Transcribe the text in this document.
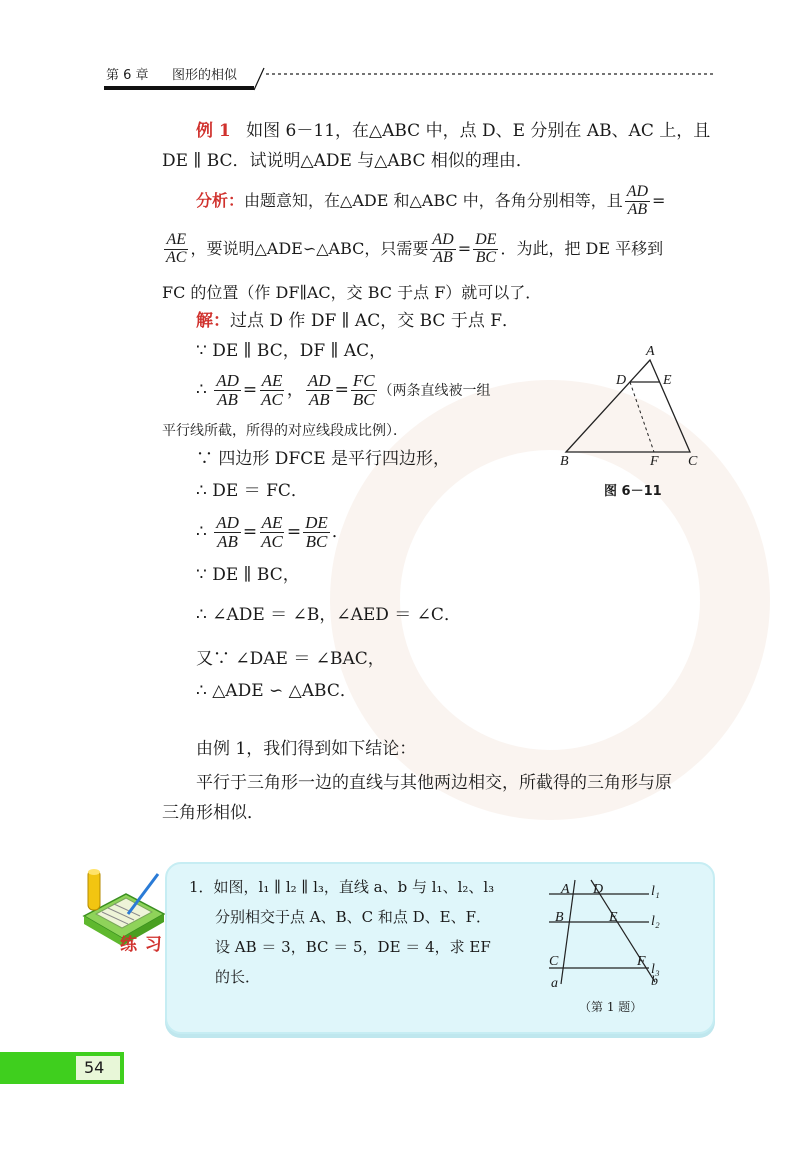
第 6 章 图形的相似
例 1 如图 6－11，在△ABC 中，点 D、E 分别在 AB、AC 上，且
DE ∥ BC．试说明△ADE 与△ABC 相似的理由．
分析：由题意知，在△ADE 和△ABC 中，各角分别相等，且 $\frac{AD}{AB}$ =
$\frac{AE}{AC}$ ，要说明△ADE∽△ABC，只需要 $\frac{AD}{AB} = \frac{DE}{BC}$ ．为此，把 DE 平移到
FC 的位置（作 DF∥AC，交 BC 于点 F）就可以了．
解：过点 D 作 DF ∥ AC，交 BC 于点 F．
∵ DE ∥ BC，DF ∥ AC，
∴ $\frac{AD}{AB} = \frac{AE}{AC}$ ， $\frac{AD}{AB} = \frac{FC}{BC}$ （两条直线被一组
平行线所截，所得的对应线段成比例）．
∵ 四边形 DFCE 是平行四边形，
∴ DE ＝ FC．
∴ $\frac{AD}{AB} = \frac{AE}{AC} = \frac{DE}{BC}$ ．
∵ DE ∥ BC，
∴ ∠ADE ＝ ∠B，∠AED ＝ ∠C．
又∵ ∠DAE ＝ ∠BAC，
∴ △ADE ∽ △ABC．
A
D	E
B	F C
图 6－11
由例 1，我们得到如下结论：
平行于三角形一边的直线与其他两边相交，所截得的三角形与原
三角形相似．
练 习
1．如图，l₁ ∥ l₂ ∥ l₃，直线 a、b 与 l₁、l₂、l₃
分别相交于点 A、B、C 和点 D、E、F．
设 AB ＝ 3，BC ＝ 5，DE ＝ 4，求 EF
的长．
A D	l₁
B	E l₂
C	F
l₃
a	b
（第 1 题）
54
